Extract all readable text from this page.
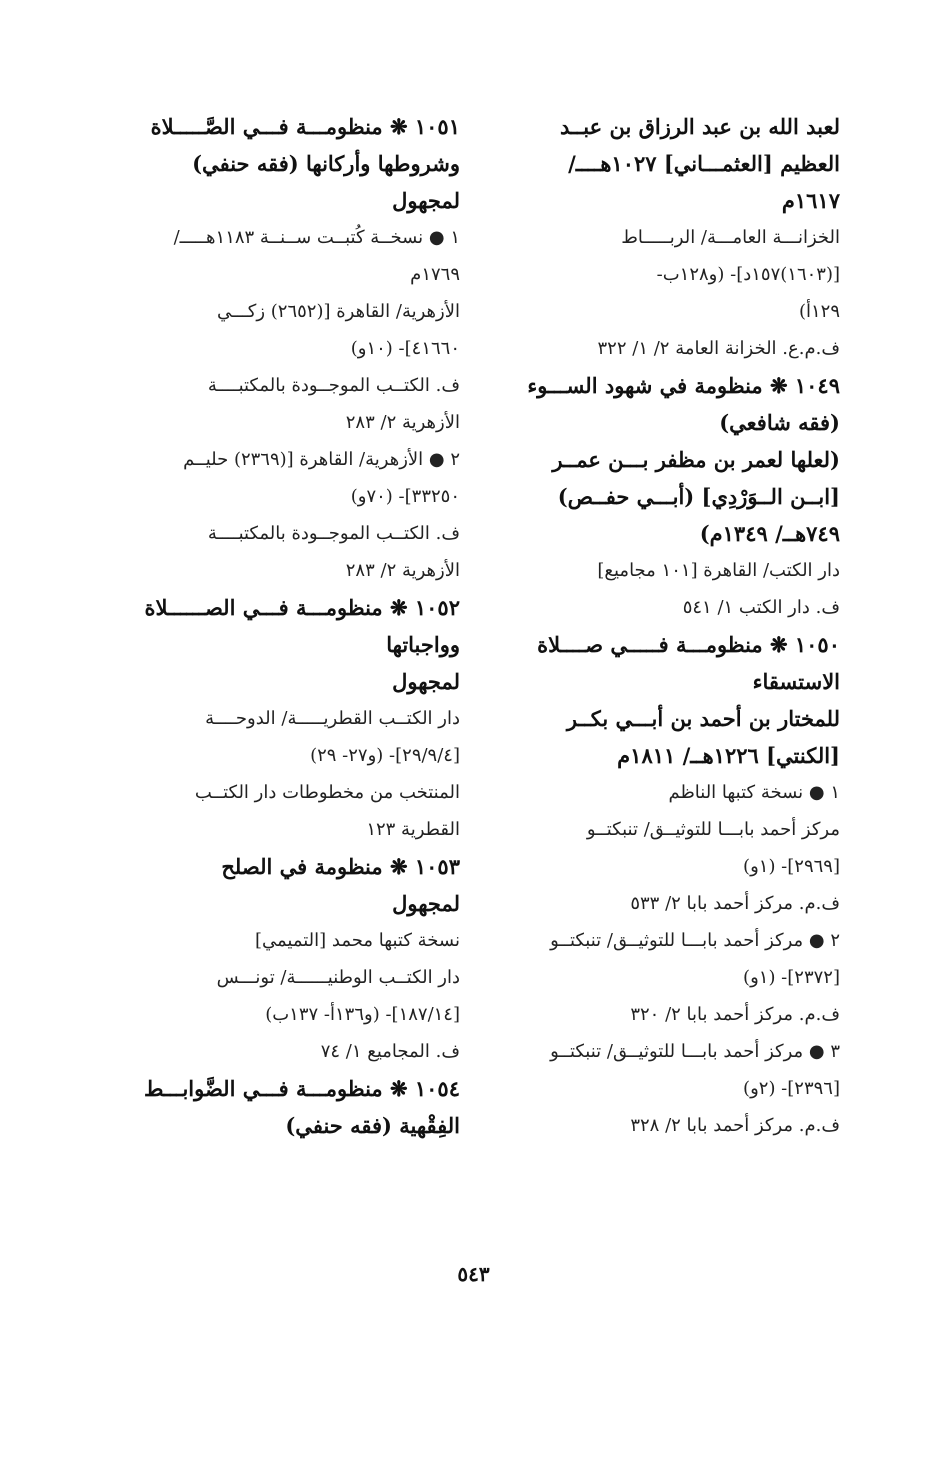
لعبد الله بن عبد الرزاق بن عبــد
العظيم [العثمـــاني] ١٠٢٧هــــ/
١٦١٧م
الخزانـــة العامـــة/ الربـــــاط
[(١٦٠٣)١٥٧د]- (و١٢٨ب-
١٢٩أ)
ف.م.ع. الخزانة العامة ٢/ ١/ ٣٢٢
١٠٤٩ ❋ منظومة في شهود الســـوء
(فقه شافعي)
(لعلها لعمر بن مظفر بـــن عمــر
[ابــن الــوَرْدِي] (أبـــي حفــص)
٧٤٩هــ/ ١٣٤٩م)
دار الكتب/ القاهرة [١٠١ مجاميع]
ف. دار الكتب ١/ ٥٤١
١٠٥٠ ❋ منظومـــة فـــــي صــــلاة
الاستسقاء
للمختار بن أحمد بن أبـــي بكــر
[الكنتي] ١٢٢٦هــ/ ١٨١١م
١ ● نسخة كتبها الناظم
مركز أحمد بابـــا للتوثيــق/ تنبكتــو
[٢٩٦٩]- (١و)
ف.م. مركز أحمد بابا ٢/ ٥٣٣
٢ ● مركز أحمد بابـــا للتوثيــق/ تنبكتــو
[٢٣٧٢]- (١و)
ف.م. مركز أحمد بابا ٢/ ٣٢٠
٣ ● مركز أحمد بابـــا للتوثيــق/ تنبكتــو
[٢٣٩٦]- (٢و)
ف.م. مركز أحمد بابا ٢/ ٣٢٨
١٠٥١ ❋ منظومـــة فـــي الصَّـــــلاة
وشروطها وأركانها (فقه حنفي)
لمجهول
١ ● نسخــة كُتبــت ســنــة ١١٨٣هـــــ/
١٧٦٩م
الأزهرية/ القاهرة [(٢٦٥٢) زكـــي
٤١٦٦٠]- (١٠و)
ف. الكتــب الموجــودة بالمكتبــــة
الأزهرية ٢/ ٢٨٣
٢ ● الأزهرية/ القاهرة [(٢٣٦٩) حليــم
٣٣٢٥٠]- (٧٠و)
ف. الكتــب الموجــودة بالمكتبــــة
الأزهرية ٢/ ٢٨٣
١٠٥٢ ❋ منظومـــة فـــي الصــــــلاة
وواجباتها
لمجهول
دار الكتــب القطريـــــة/ الدوحــــة
[٢٩/٩/٤]- (و٢٧- ٢٩)
المنتخب من مخطوطات دار الكتــب
القطرية ١٢٣
١٠٥٣ ❋ منظومة في الصلح
لمجهول
نسخة كتبها محمد [التميمي]
دار الكتــب الوطنيــــــة/ تونـــس
[١٨٧/١٤]- (و١٣٦أ- ١٣٧ب)
ف. المجاميع ١/ ٧٤
١٠٥٤ ❋ منظومـــة فـــي الضَّوابـــط
الفِقْهية (فقه حنفي)
٥٤٣
